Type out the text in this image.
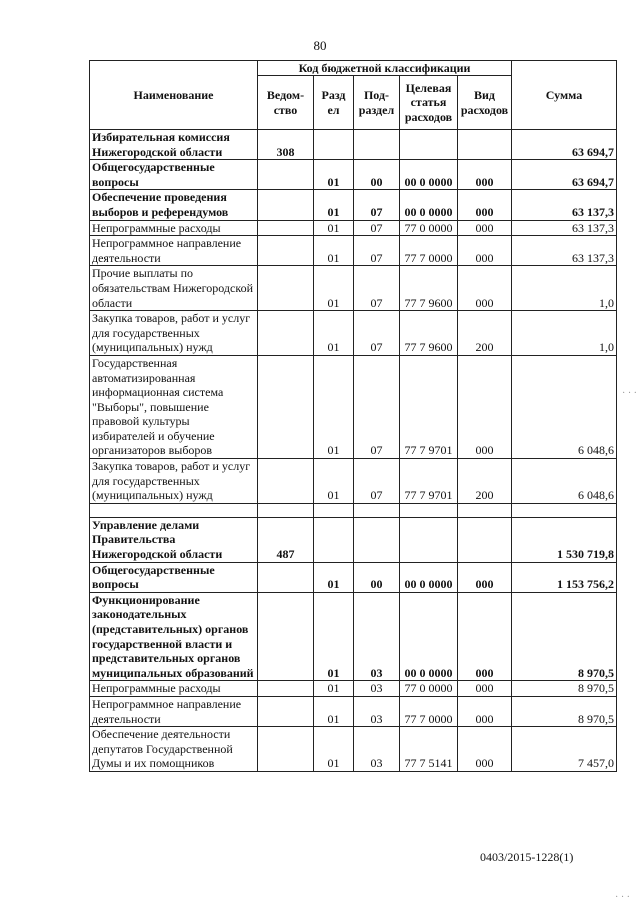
80
Наименование	Код бюджетной классификации					Сумма
	Ведом-ство	Разд ел	Под-раздел	Целевая статья расходов	Вид расходов	
Избирательная комиссия Нижегородской области	308					63 694,7
Общегосударственные вопросы		01	00	00 0 0000	000	63 694,7
Обеспечение проведения выборов и референдумов		01	07	00 0 0000	000	63 137,3
Непрограммные расходы		01	07	77 0 0000	000	63 137,3
Непрограммное направление деятельности		01	07	77 7 0000	000	63 137,3
Прочие выплаты по обязательствам Нижегородской области		01	07	77 7 9600	000	1,0
Закупка товаров, работ и услуг для государственных (муниципальных) нужд		01	07	77 7 9600	200	1,0
Государственная автоматизированная информационная система "Выборы", повышение правовой культуры избирателей и обучение организаторов выборов		01	07	77 7 9701	000	6 048,6
Закупка товаров, работ и услуг для государственных (муниципальных) нужд		01	07	77 7 9701	200	6 048,6

Управление делами Правительства Нижегородской области	487					1 530 719,8
Общегосударственные вопросы		01	00	00 0 0000	000	1 153 756,2
Функционирование законодательных (представительных) органов государственной власти и представительных органов муниципальных образований		01	03	00 0 0000	000	8 970,5
Непрограммные расходы		01	03	77 0 0000	000	8 970,5
Непрограммное направление деятельности		01	03	77 7 0000	000	8 970,5
Обеспечение деятельности депутатов Государственной Думы и их помощников		01	03	77 7 5141	000	7 457,0
0403/2015-1228(1)
· · ·
· · ·
